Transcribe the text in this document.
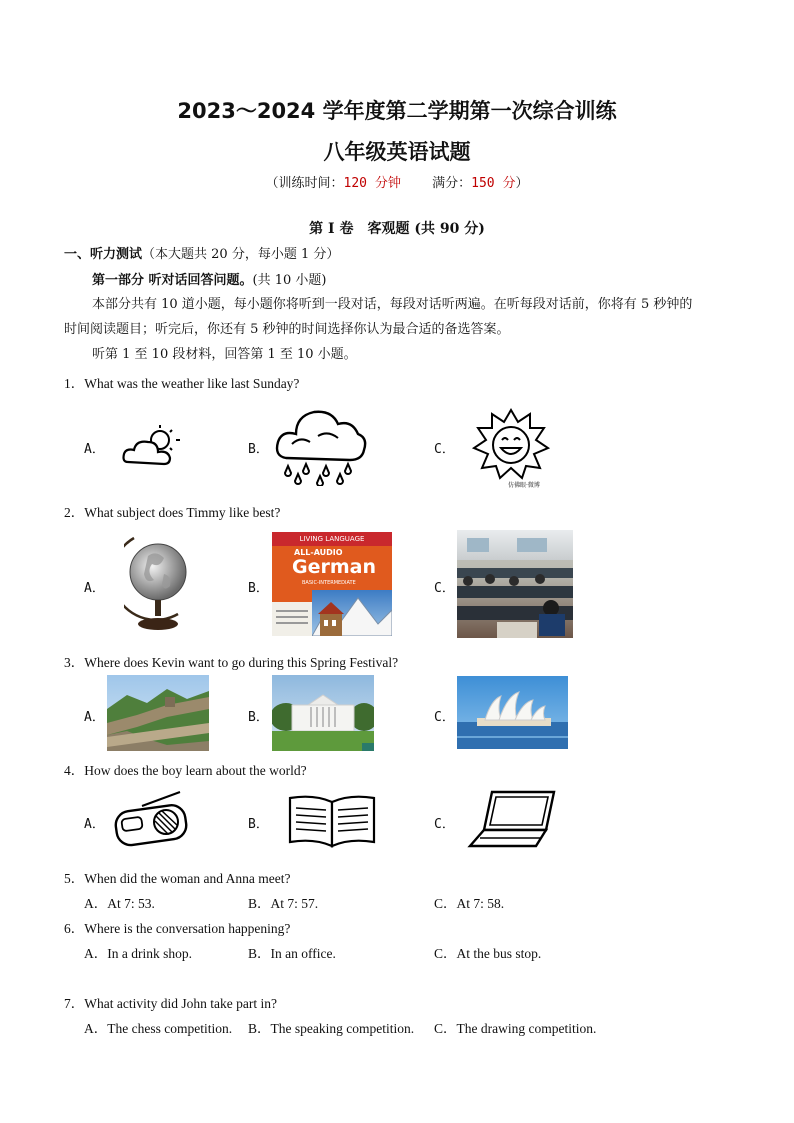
2023～2024 学年度第二学期第一次综合训练
八年级英语试题
（训练时间：120 分钟 满分：150 分）
第 I 卷　客观题 (共 90 分)
一、听力测试（本大题共 20 分，每小题 1 分）
第一部分 听对话回答问题。(共 10 小题)
本部分共有 10 道小题，每小题你将听到一段对话，每段对话听两遍。在听每段对话前，你将有 5 秒钟的
时间阅读题目；听完后，你还有 5 秒钟的时间选择你认为最合适的备选答案。
听第 1 至 10 段材料，回答第 1 至 10 小题。
1．What was the weather like last Sunday?
A．	B．	C．
仿佛眼·微博
2．What subject does Timmy like best?
A．	B．
LIVING LANGUAGE
ALL-AUDIO
German
BASIC-INTERMEDIATE	C．
3．Where does Kevin want to go during this Spring Festival?
A．	B．	C．
4．How does the boy learn about the world?
A．	B．	C．
5．When did the woman and Anna meet?
A．At 7: 53.	B．At 7: 57.	C．At 7: 58.
6．Where is the conversation happening?
A．In a drink shop.	B．In an office.	C．At the bus stop.
7．What activity did John take part in?
A．The chess competition. B．The speaking competition. C．The drawing competition.
